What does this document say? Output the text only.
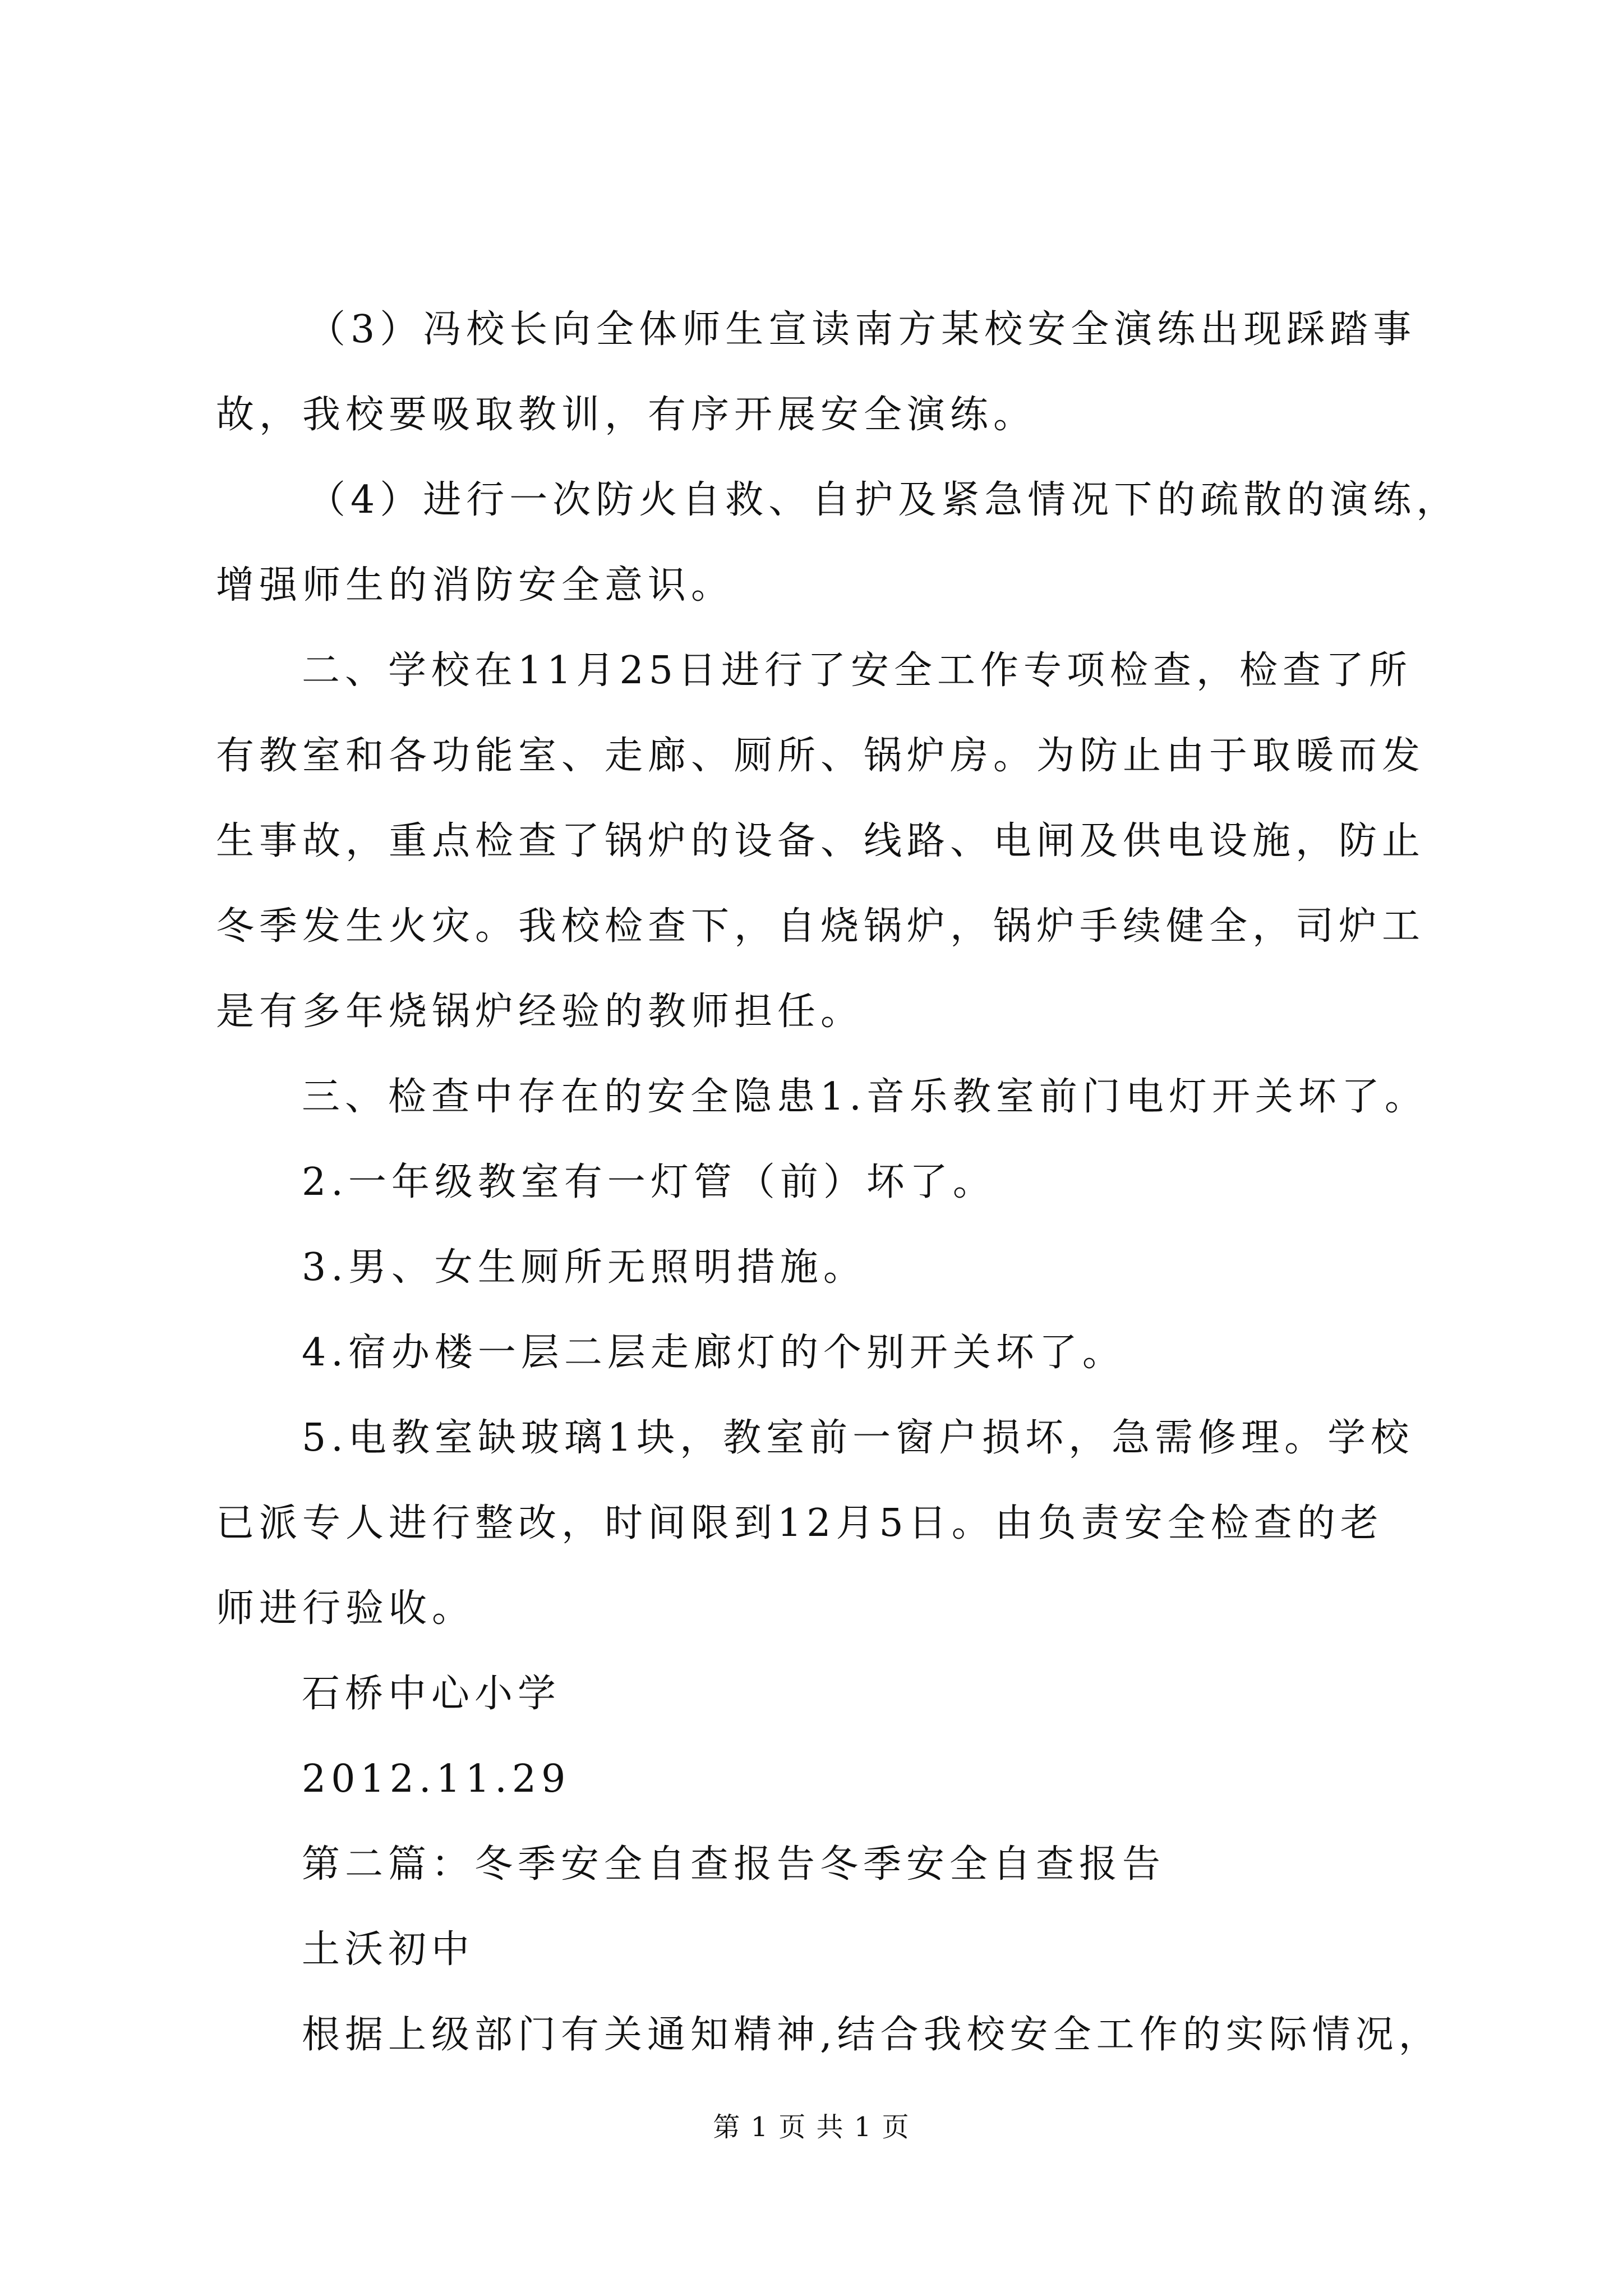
（3）冯校长向全体师生宣读南方某校安全演练出现踩踏事
故，我校要吸取教训，有序开展安全演练。
（4）进行一次防火自救、自护及紧急情况下的疏散的演练，
增强师生的消防安全意识。
二、学校在11月25日进行了安全工作专项检查，检查了所
有教室和各功能室、走廊、厕所、锅炉房。为防止由于取暖而发
生事故，重点检查了锅炉的设备、线路、电闸及供电设施，防止
冬季发生火灾。我校检查下，自烧锅炉，锅炉手续健全，司炉工
是有多年烧锅炉经验的教师担任。
三、检查中存在的安全隐患1.音乐教室前门电灯开关坏了。
2.一年级教室有一灯管（前）坏了。
3.男、女生厕所无照明措施。
4.宿办楼一层二层走廊灯的个别开关坏了。
5.电教室缺玻璃1块，教室前一窗户损坏，急需修理。学校
已派专人进行整改，时间限到12月5日。由负责安全检查的老
师进行验收。
石桥中心小学
2012.11.29
第二篇：冬季安全自查报告冬季安全自查报告
土沃初中
根据上级部门有关通知精神,结合我校安全工作的实际情况，
第 1 页 共 1 页
